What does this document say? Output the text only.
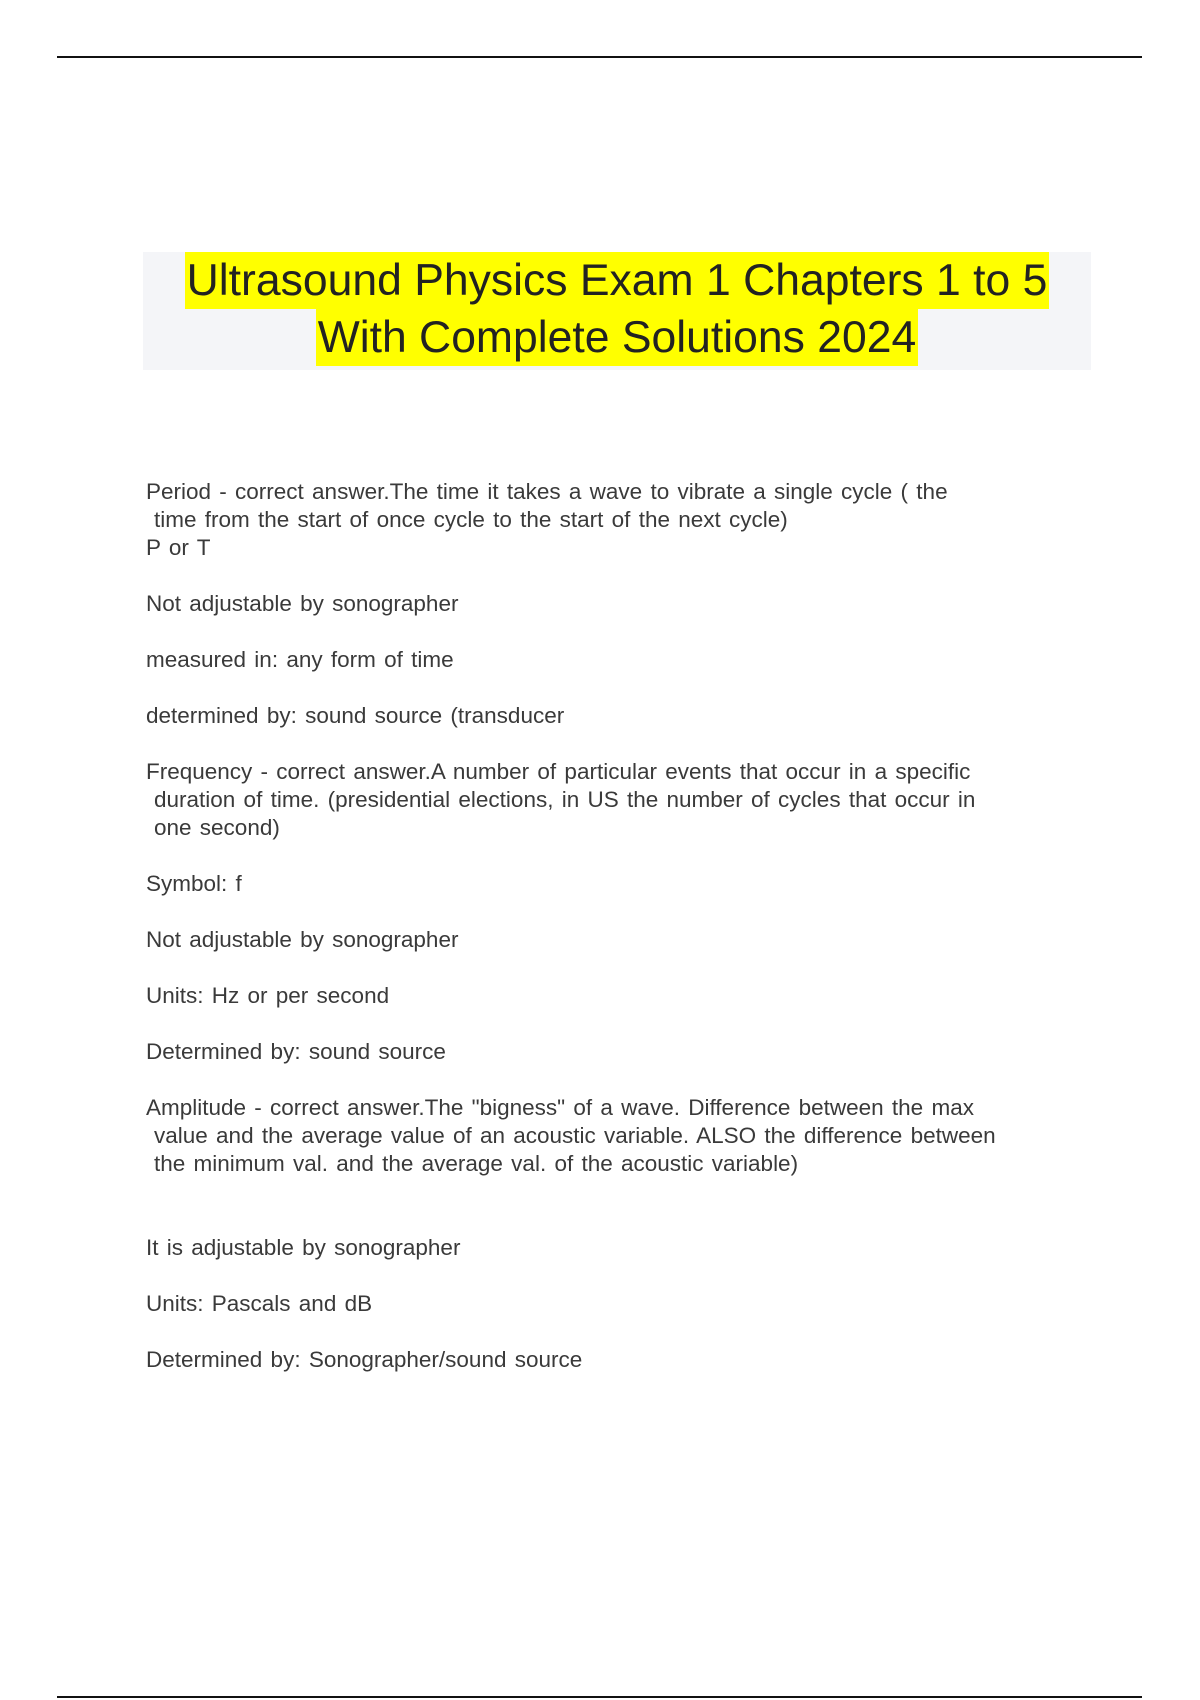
Ultrasound Physics Exam 1 Chapters 1 to 5
With Complete Solutions 2024
Period - correct answer.The time it takes a wave to vibrate a single cycle ( the
time from the start of once cycle to the start of the next cycle)
P or T
Not adjustable by sonographer
measured in: any form of time
determined by: sound source (transducer
Frequency - correct answer.A number of particular events that occur in a specific
duration of time. (presidential elections, in US the number of cycles that occur in
one second)
Symbol: f
Not adjustable by sonographer
Units: Hz or per second
Determined by: sound source
Amplitude - correct answer.The "bigness" of a wave. Difference between the max
value and the average value of an acoustic variable. ALSO the difference between
the minimum val. and the average val. of the acoustic variable)
It is adjustable by sonographer
Units: Pascals and dB
Determined by: Sonographer/sound source
